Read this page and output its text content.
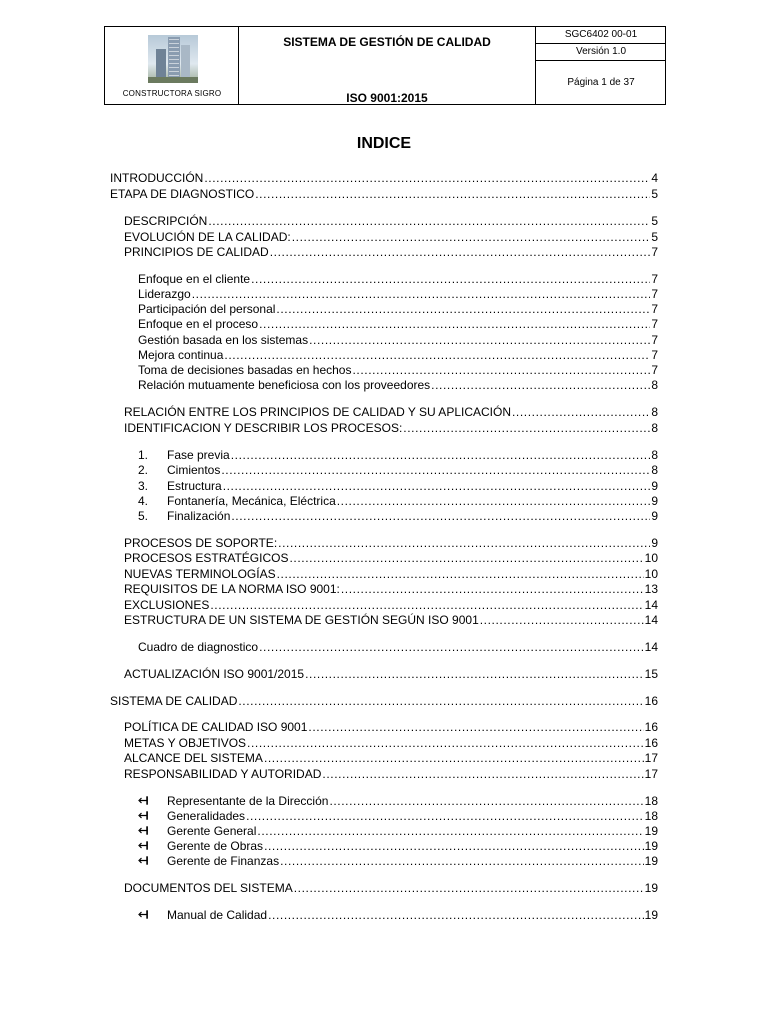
CONSTRUCTORA SIGRO
SISTEMA DE GESTIÓN DE CALIDAD
ISO 9001:2015
SGC6402 00-01
Versión 1.0
Página 1 de 37
INDICE
INTRODUCCIÓN .....	4
ETAPA DE DIAGNOSTICO .....	5
DESCRIPCIÓN .....	5
EVOLUCIÓN DE LA CALIDAD: .....	5
PRINCIPIOS DE CALIDAD .....	7
Enfoque en el cliente .....	7
Liderazgo .....	7
Participación del personal .....	7
Enfoque en el proceso .....	7
Gestión basada en los sistemas .....	7
Mejora continua .....	7
Toma de decisiones basadas en hechos .....	7
Relación mutuamente beneficiosa con los proveedores .....	8
RELACIÓN ENTRE LOS PRINCIPIOS DE CALIDAD Y SU APLICACIÓN .....	8
IDENTIFICACION Y DESCRIBIR LOS PROCESOS: .....	8
1.	Fase previa .....	8
2.	Cimientos .....	8
3.	Estructura .....	9
4.	Fontanería, Mecánica, Eléctrica .....	9
5.	Finalización .....	9
PROCESOS DE SOPORTE: .....	9
PROCESOS ESTRATÉGICOS .....	10
NUEVAS TERMINOLOGÍAS .....	10
REQUISITOS DE LA NORMA ISO 9001: .....	13
EXCLUSIONES .....	14
ESTRUCTURA DE UN SISTEMA DE GESTIÓN SEGÚN ISO 9001 .....	14
Cuadro de diagnostico .....	14
ACTUALIZACIÓN ISO 9001/2015 .....	15
SISTEMA DE CALIDAD .....	16
POLÍTICA DE CALIDAD ISO 9001 .....	16
METAS Y OBJETIVOS .....	16
ALCANCE DEL SISTEMA .....	17
RESPONSABILIDAD Y AUTORIDAD .....	17
Representante de la Dirección .....	18
Generalidades .....	18
Gerente General .....	19
Gerente de Obras .....	19
Gerente de Finanzas .....	19
DOCUMENTOS DEL SISTEMA .....	19
Manual de Calidad .....	19
